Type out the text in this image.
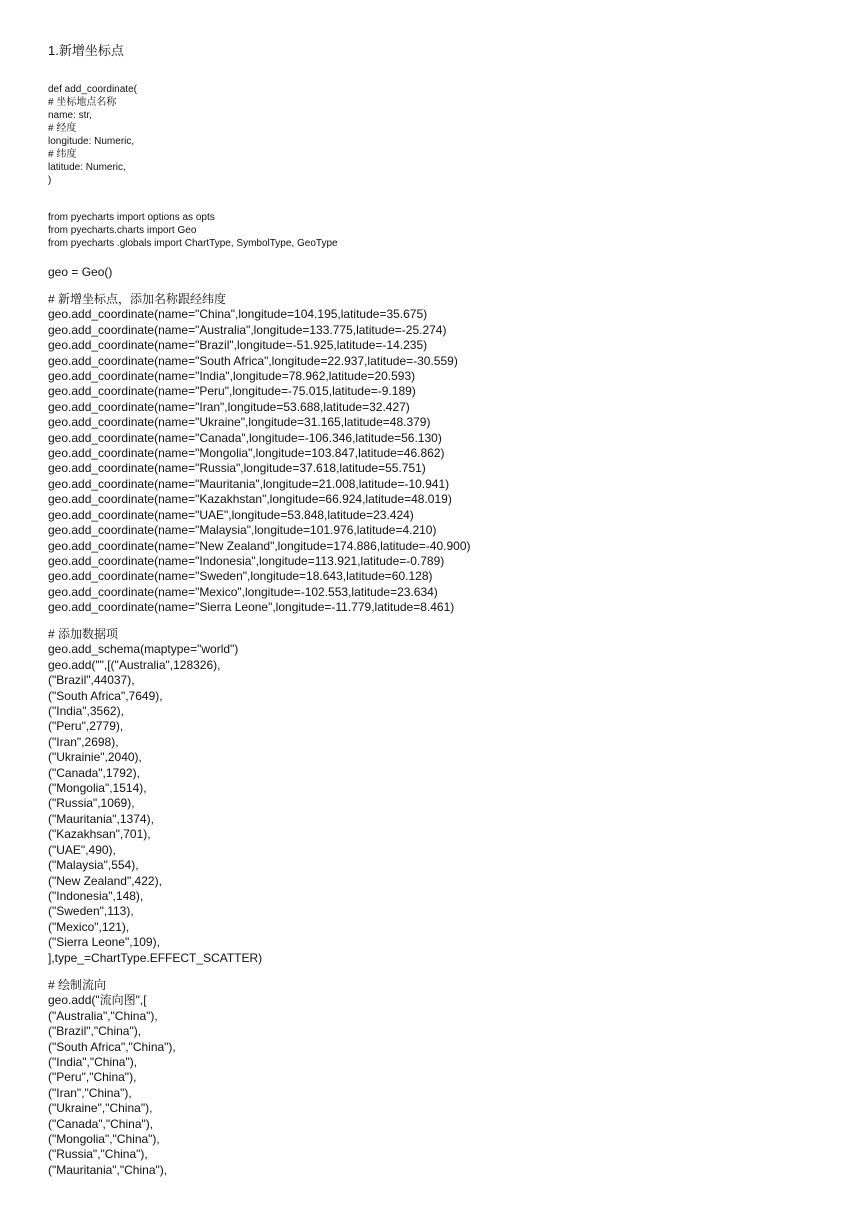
1.新增坐标点
def add_coordinate(
# 坐标地点名称
name: str,
# 经度
longitude: Numeric,
# 纬度
latitude: Numeric,
)
from pyecharts import options as opts
from pyecharts.charts import Geo
from pyecharts .globals import ChartType, SymbolType, GeoType
geo = Geo()
# 新增坐标点，添加名称跟经纬度
geo.add_coordinate(name="China",longitude=104.195,latitude=35.675)
geo.add_coordinate(name="Australia",longitude=133.775,latitude=-25.274)
geo.add_coordinate(name="Brazil",longitude=-51.925,latitude=-14.235)
geo.add_coordinate(name="South Africa",longitude=22.937,latitude=-30.559)
geo.add_coordinate(name="India",longitude=78.962,latitude=20.593)
geo.add_coordinate(name="Peru",longitude=-75.015,latitude=-9.189)
geo.add_coordinate(name="Iran",longitude=53.688,latitude=32.427)
geo.add_coordinate(name="Ukraine",longitude=31.165,latitude=48.379)
geo.add_coordinate(name="Canada",longitude=-106.346,latitude=56.130)
geo.add_coordinate(name="Mongolia",longitude=103.847,latitude=46.862)
geo.add_coordinate(name="Russia",longitude=37.618,latitude=55.751)
geo.add_coordinate(name="Mauritania",longitude=21.008,latitude=-10.941)
geo.add_coordinate(name="Kazakhstan",longitude=66.924,latitude=48.019)
geo.add_coordinate(name="UAE",longitude=53.848,latitude=23.424)
geo.add_coordinate(name="Malaysia",longitude=101.976,latitude=4.210)
geo.add_coordinate(name="New Zealand",longitude=174.886,latitude=-40.900)
geo.add_coordinate(name="Indonesia",longitude=113.921,latitude=-0.789)
geo.add_coordinate(name="Sweden",longitude=18.643,latitude=60.128)
geo.add_coordinate(name="Mexico",longitude=-102.553,latitude=23.634)
geo.add_coordinate(name="Sierra Leone",longitude=-11.779,latitude=8.461)
# 添加数据项
geo.add_schema(maptype="world")
geo.add("",[("Australia",128326),
("Brazil",44037),
("South Africa",7649),
("India",3562),
("Peru",2779),
("Iran",2698),
("Ukrainie",2040),
("Canada",1792),
("Mongolia",1514),
("Russia",1069),
("Mauritania",1374),
("Kazakhsan",701),
("UAE",490),
("Malaysia",554),
("New Zealand",422),
("Indonesia",148),
("Sweden",113),
("Mexico",121),
("Sierra Leone",109),
],type_=ChartType.EFFECT_SCATTER)
# 绘制流向
geo.add("流向图",[
("Australia","China"),
("Brazil","China"),
("South Africa","China"),
("India","China"),
("Peru","China"),
("Iran","China"),
("Ukraine","China"),
("Canada","China"),
("Mongolia","China"),
("Russia","China"),
("Mauritania","China"),
